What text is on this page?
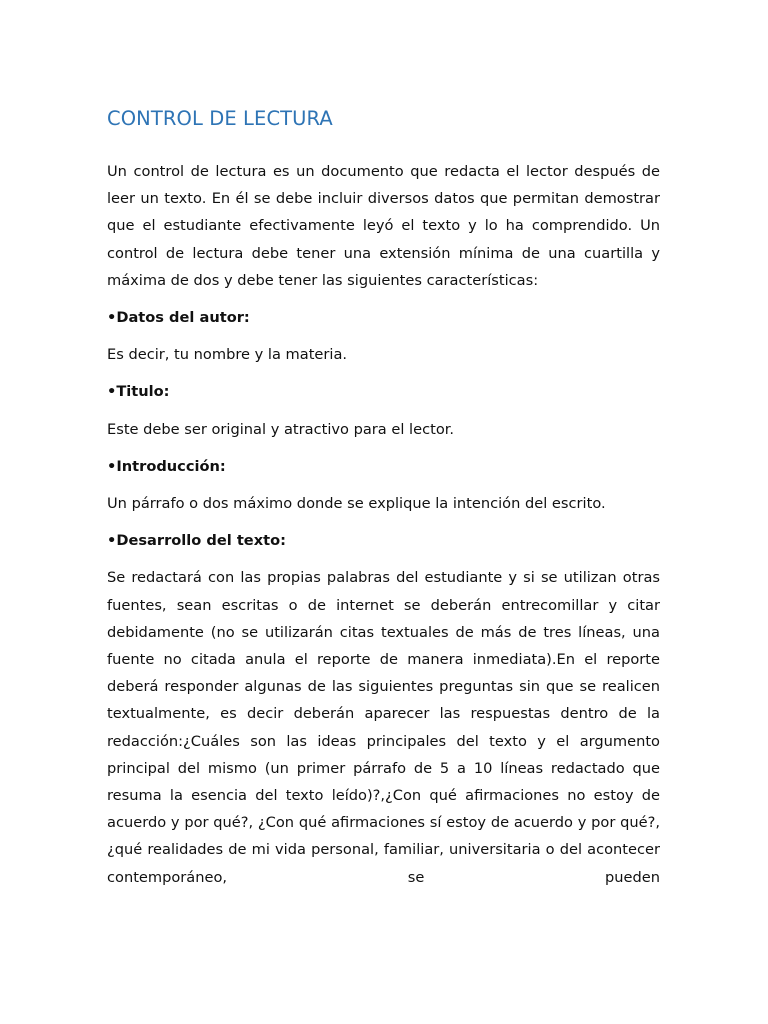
CONTROL DE LECTURA

Un control de lectura es un documento que redacta el lector después de leer un texto. En él se debe incluir diversos datos que permitan demostrar que el estudiante efectivamente leyó el texto y lo ha comprendido. Un control de lectura debe tener una extensión mínima de una cuartilla y máxima de dos y debe tener las siguientes características:

•Datos del autor:

Es decir, tu nombre y la materia.

•Titulo:

Este debe ser original y atractivo para el lector.

•Introducción:

Un párrafo o dos máximo donde se explique la intención del escrito.

•Desarrollo del texto:

Se redactará con las propias palabras del estudiante y si se utilizan otras fuentes, sean escritas o de internet se deberán entrecomillar y citar debidamente (no se utilizarán citas textuales de más de tres líneas, una fuente no citada anula el reporte de manera inmediata).En el reporte deberá responder algunas de las siguientes preguntas sin que se realicen textualmente, es decir deberán aparecer las respuestas dentro de la redacción:¿Cuáles son las ideas principales del texto y el argumento principal del mismo (un primer párrafo de 5 a 10 líneas redactado que resuma la esencia del texto leído)?,¿Con qué afirmaciones no estoy de acuerdo y por qué?, ¿Con qué afirmaciones sí estoy de acuerdo y por qué?, ¿qué realidades de mi vida personal, familiar, universitaria o del acontecer contemporáneo, se pueden
